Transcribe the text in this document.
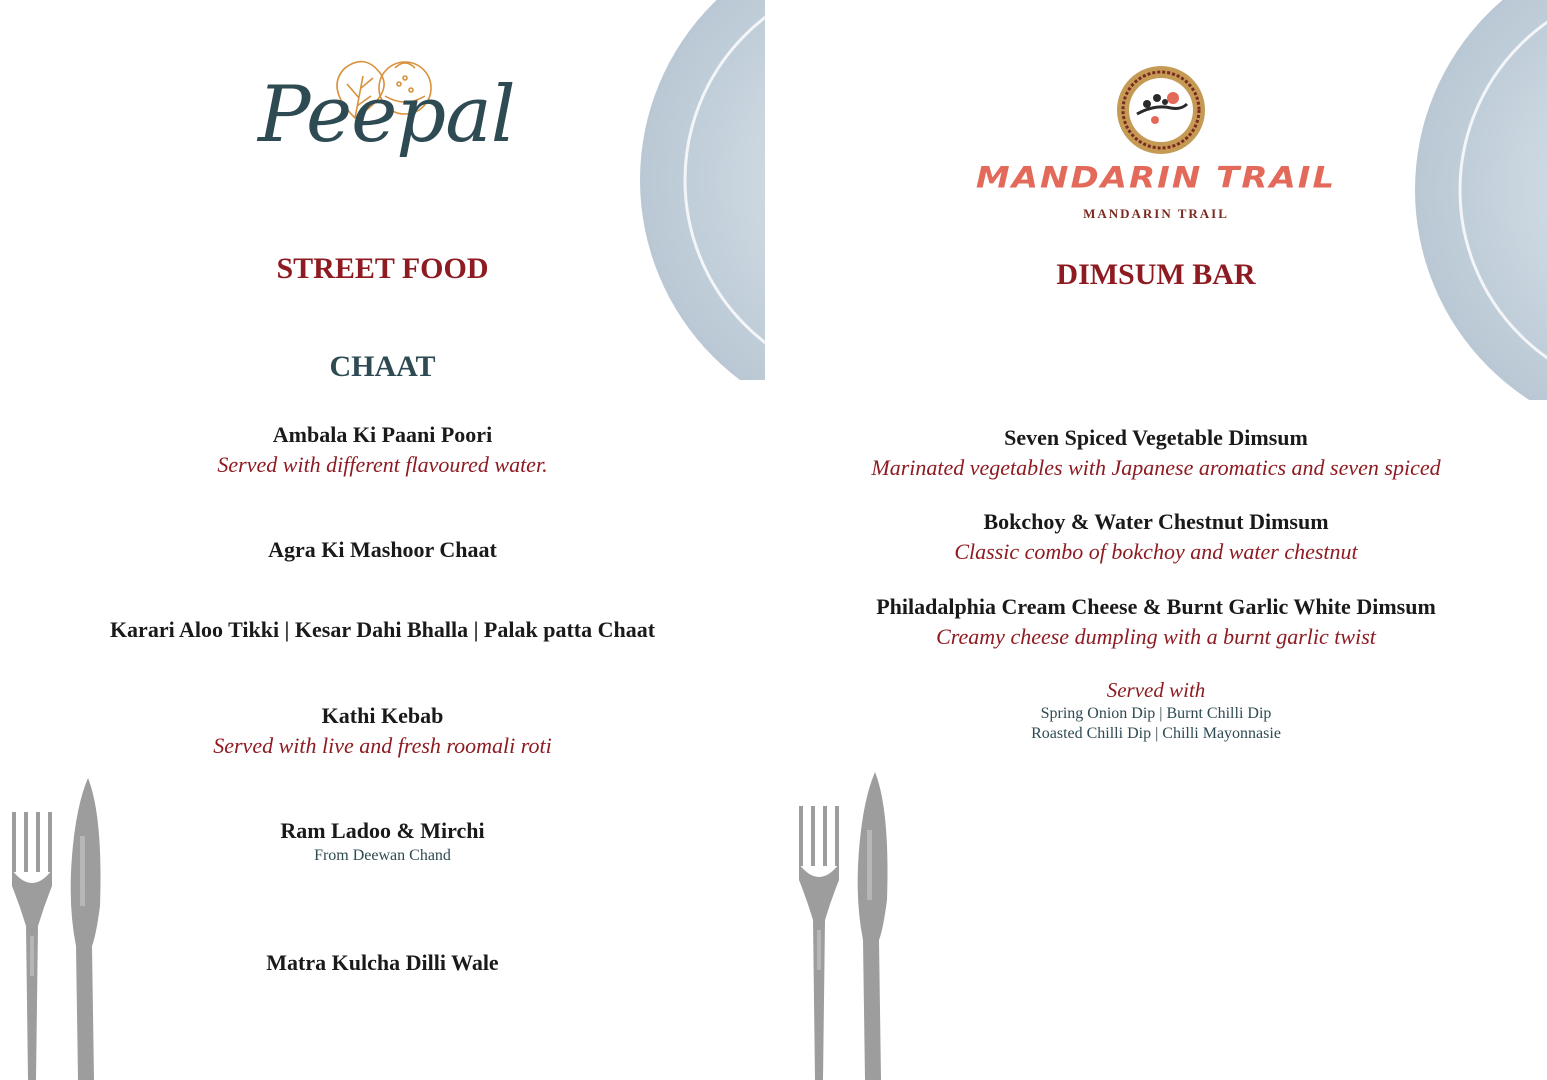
Peepal
STREET FOOD
CHAAT
Ambala Ki Paani Poori
Served with different flavoured water.
Agra Ki Mashoor Chaat
Karari Aloo Tikki | Kesar Dahi Bhalla | Palak patta Chaat
Kathi Kebab
Served with live and fresh roomali roti
Ram Ladoo & Mirchi
From Deewan Chand
Matra Kulcha Dilli Wale
MANDARIN TRAIL
MANDARIN TRAIL
DIMSUM BAR
Seven Spiced Vegetable Dimsum
Marinated vegetables with Japanese aromatics and seven spiced
Bokchoy & Water Chestnut Dimsum
Classic combo of bokchoy and water chestnut
Philadalphia Cream Cheese & Burnt Garlic White Dimsum
Creamy cheese dumpling with a burnt garlic twist
Served with
Spring Onion Dip | Burnt Chilli Dip
Roasted Chilli Dip | Chilli Mayonnasie
